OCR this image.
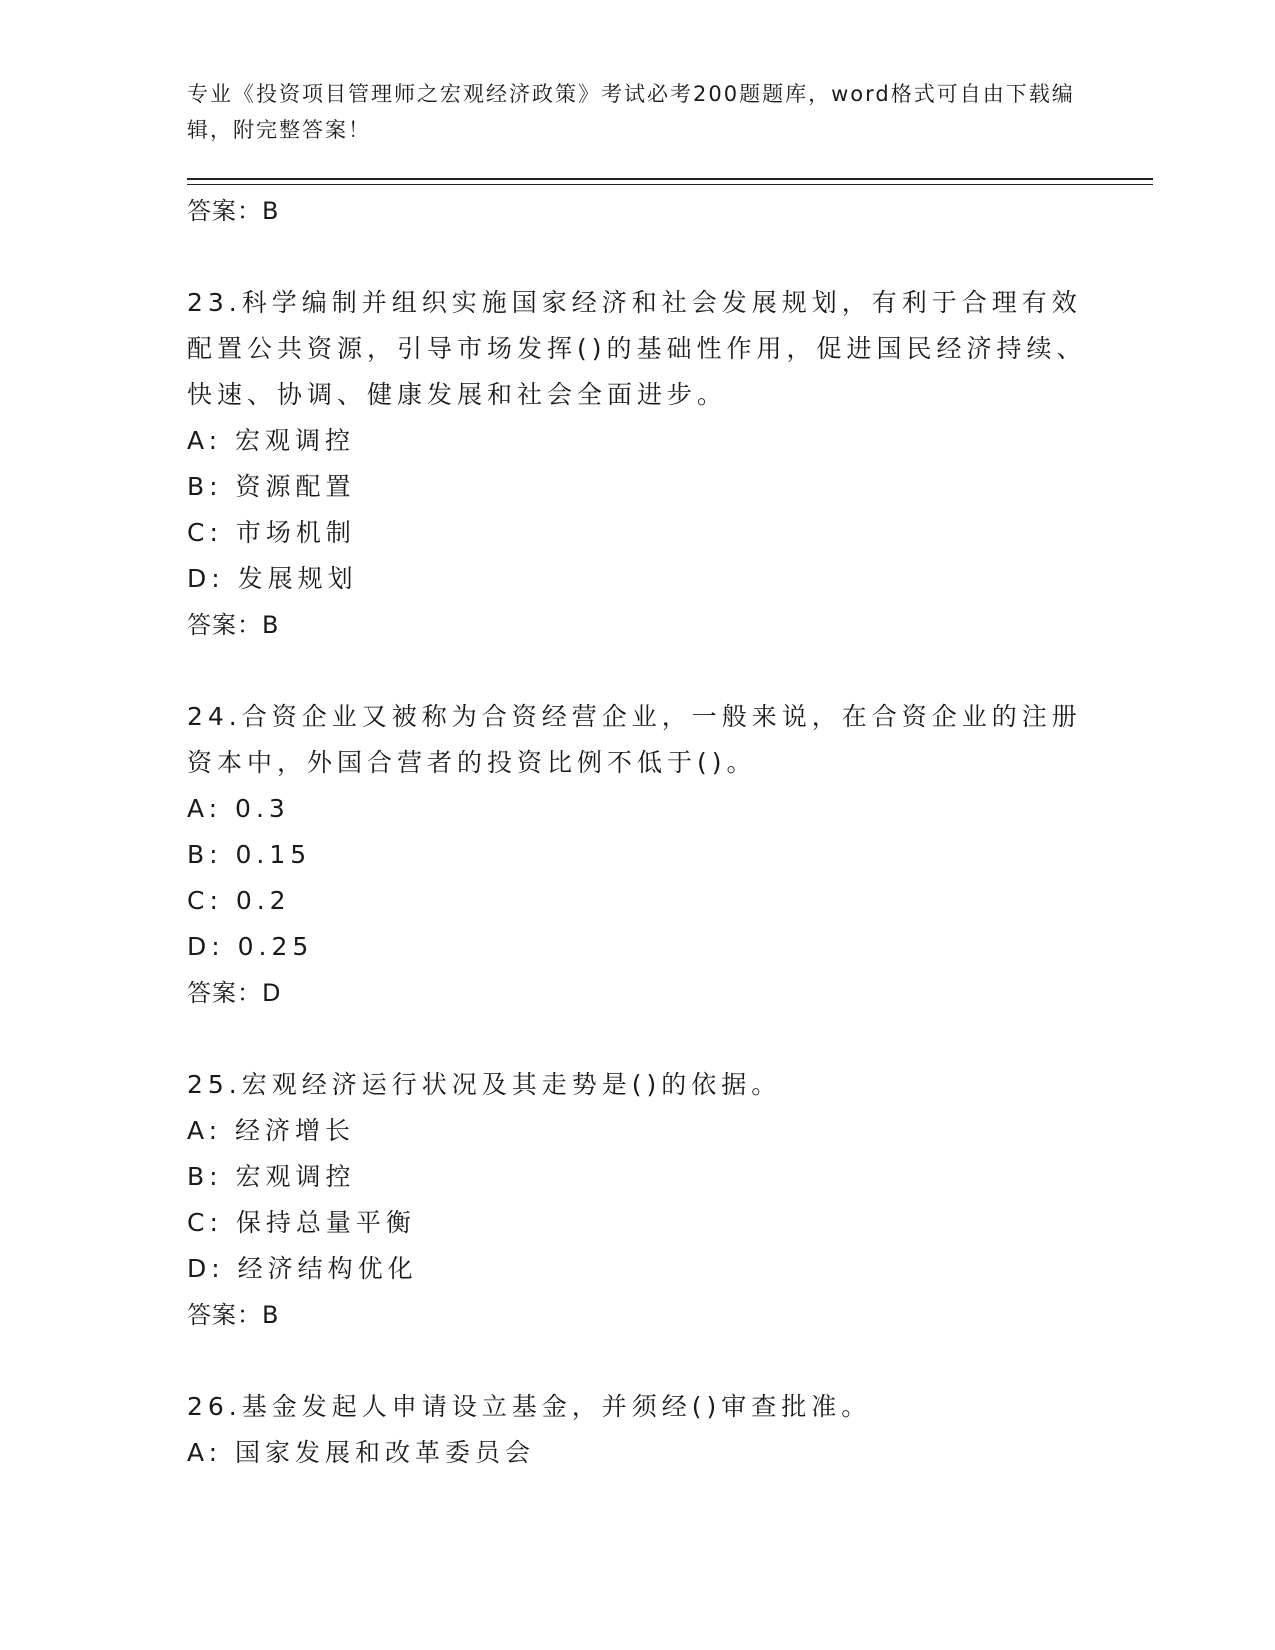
专业《投资项目管理师之宏观经济政策》考试必考200题题库，word格式可自由下载编辑，附完整答案！

答案：B

23.科学编制并组织实施国家经济和社会发展规划，有利于合理有效配置公共资源，引导市场发挥()的基础性作用，促进国民经济持续、快速、协调、健康发展和社会全面进步。

A: 宏观调控

B: 资源配置

C: 市场机制

D: 发展规划

答案：B

24.合资企业又被称为合资经营企业，一般来说，在合资企业的注册资本中，外国合营者的投资比例不低于()。

A: 0.3

B: 0.15

C: 0.2

D: 0.25

答案：D

25.宏观经济运行状况及其走势是()的依据。

A: 经济增长

B: 宏观调控

C: 保持总量平衡

D: 经济结构优化

答案：B

26.基金发起人申请设立基金，并须经()审查批准。

A: 国家发展和改革委员会
